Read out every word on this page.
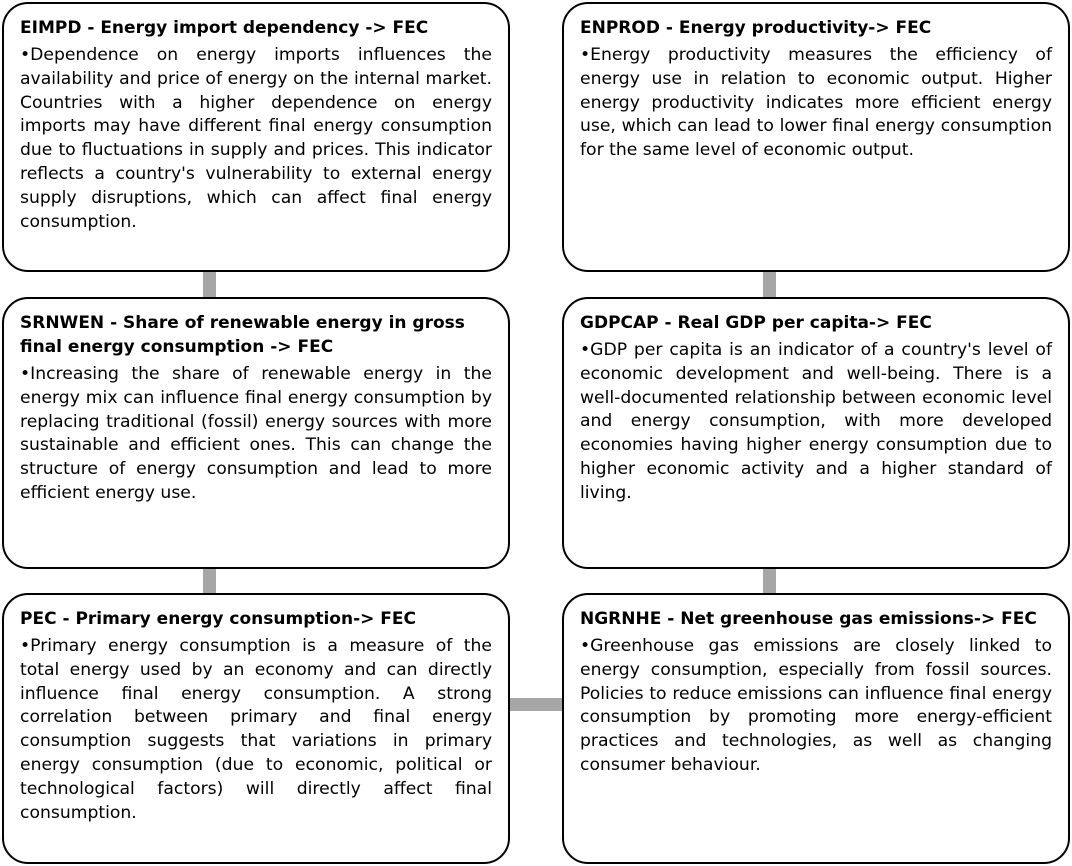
EIMPD - Energy import dependency -> FEC

•Dependence on energy imports influences the availability and price of energy on the internal market. Countries with a higher dependence on energy imports may have different final energy consumption due to fluctuations in supply and prices. This indicator reflects a country's vulnerability to external energy supply disruptions, which can affect final energy consumption.

ENPROD - Energy productivity-> FEC

•Energy productivity measures the efficiency of energy use in relation to economic output. Higher energy productivity indicates more efficient energy use, which can lead to lower final energy consumption for the same level of economic output.

SRNWEN - Share of renewable energy in gross final energy consumption -> FEC

•Increasing the share of renewable energy in the energy mix can influence final energy consumption by replacing traditional (fossil) energy sources with more sustainable and efficient ones. This can change the structure of energy consumption and lead to more efficient energy use.

GDPCAP - Real GDP per capita-> FEC

•GDP per capita is an indicator of a country's level of economic development and well-being. There is a well-documented relationship between economic level and energy consumption, with more developed economies having higher energy consumption due to higher economic activity and a higher standard of living.

PEC - Primary energy consumption-> FEC

•Primary energy consumption is a measure of the total energy used by an economy and can directly influence final energy consumption. A strong correlation between primary and final energy consumption suggests that variations in primary energy consumption (due to economic, political or technological factors) will directly affect final consumption.

NGRNHE - Net greenhouse gas emissions-> FEC

•Greenhouse gas emissions are closely linked to energy consumption, especially from fossil sources. Policies to reduce emissions can influence final energy consumption by promoting more energy-efficient practices and technologies, as well as changing consumer behaviour.
